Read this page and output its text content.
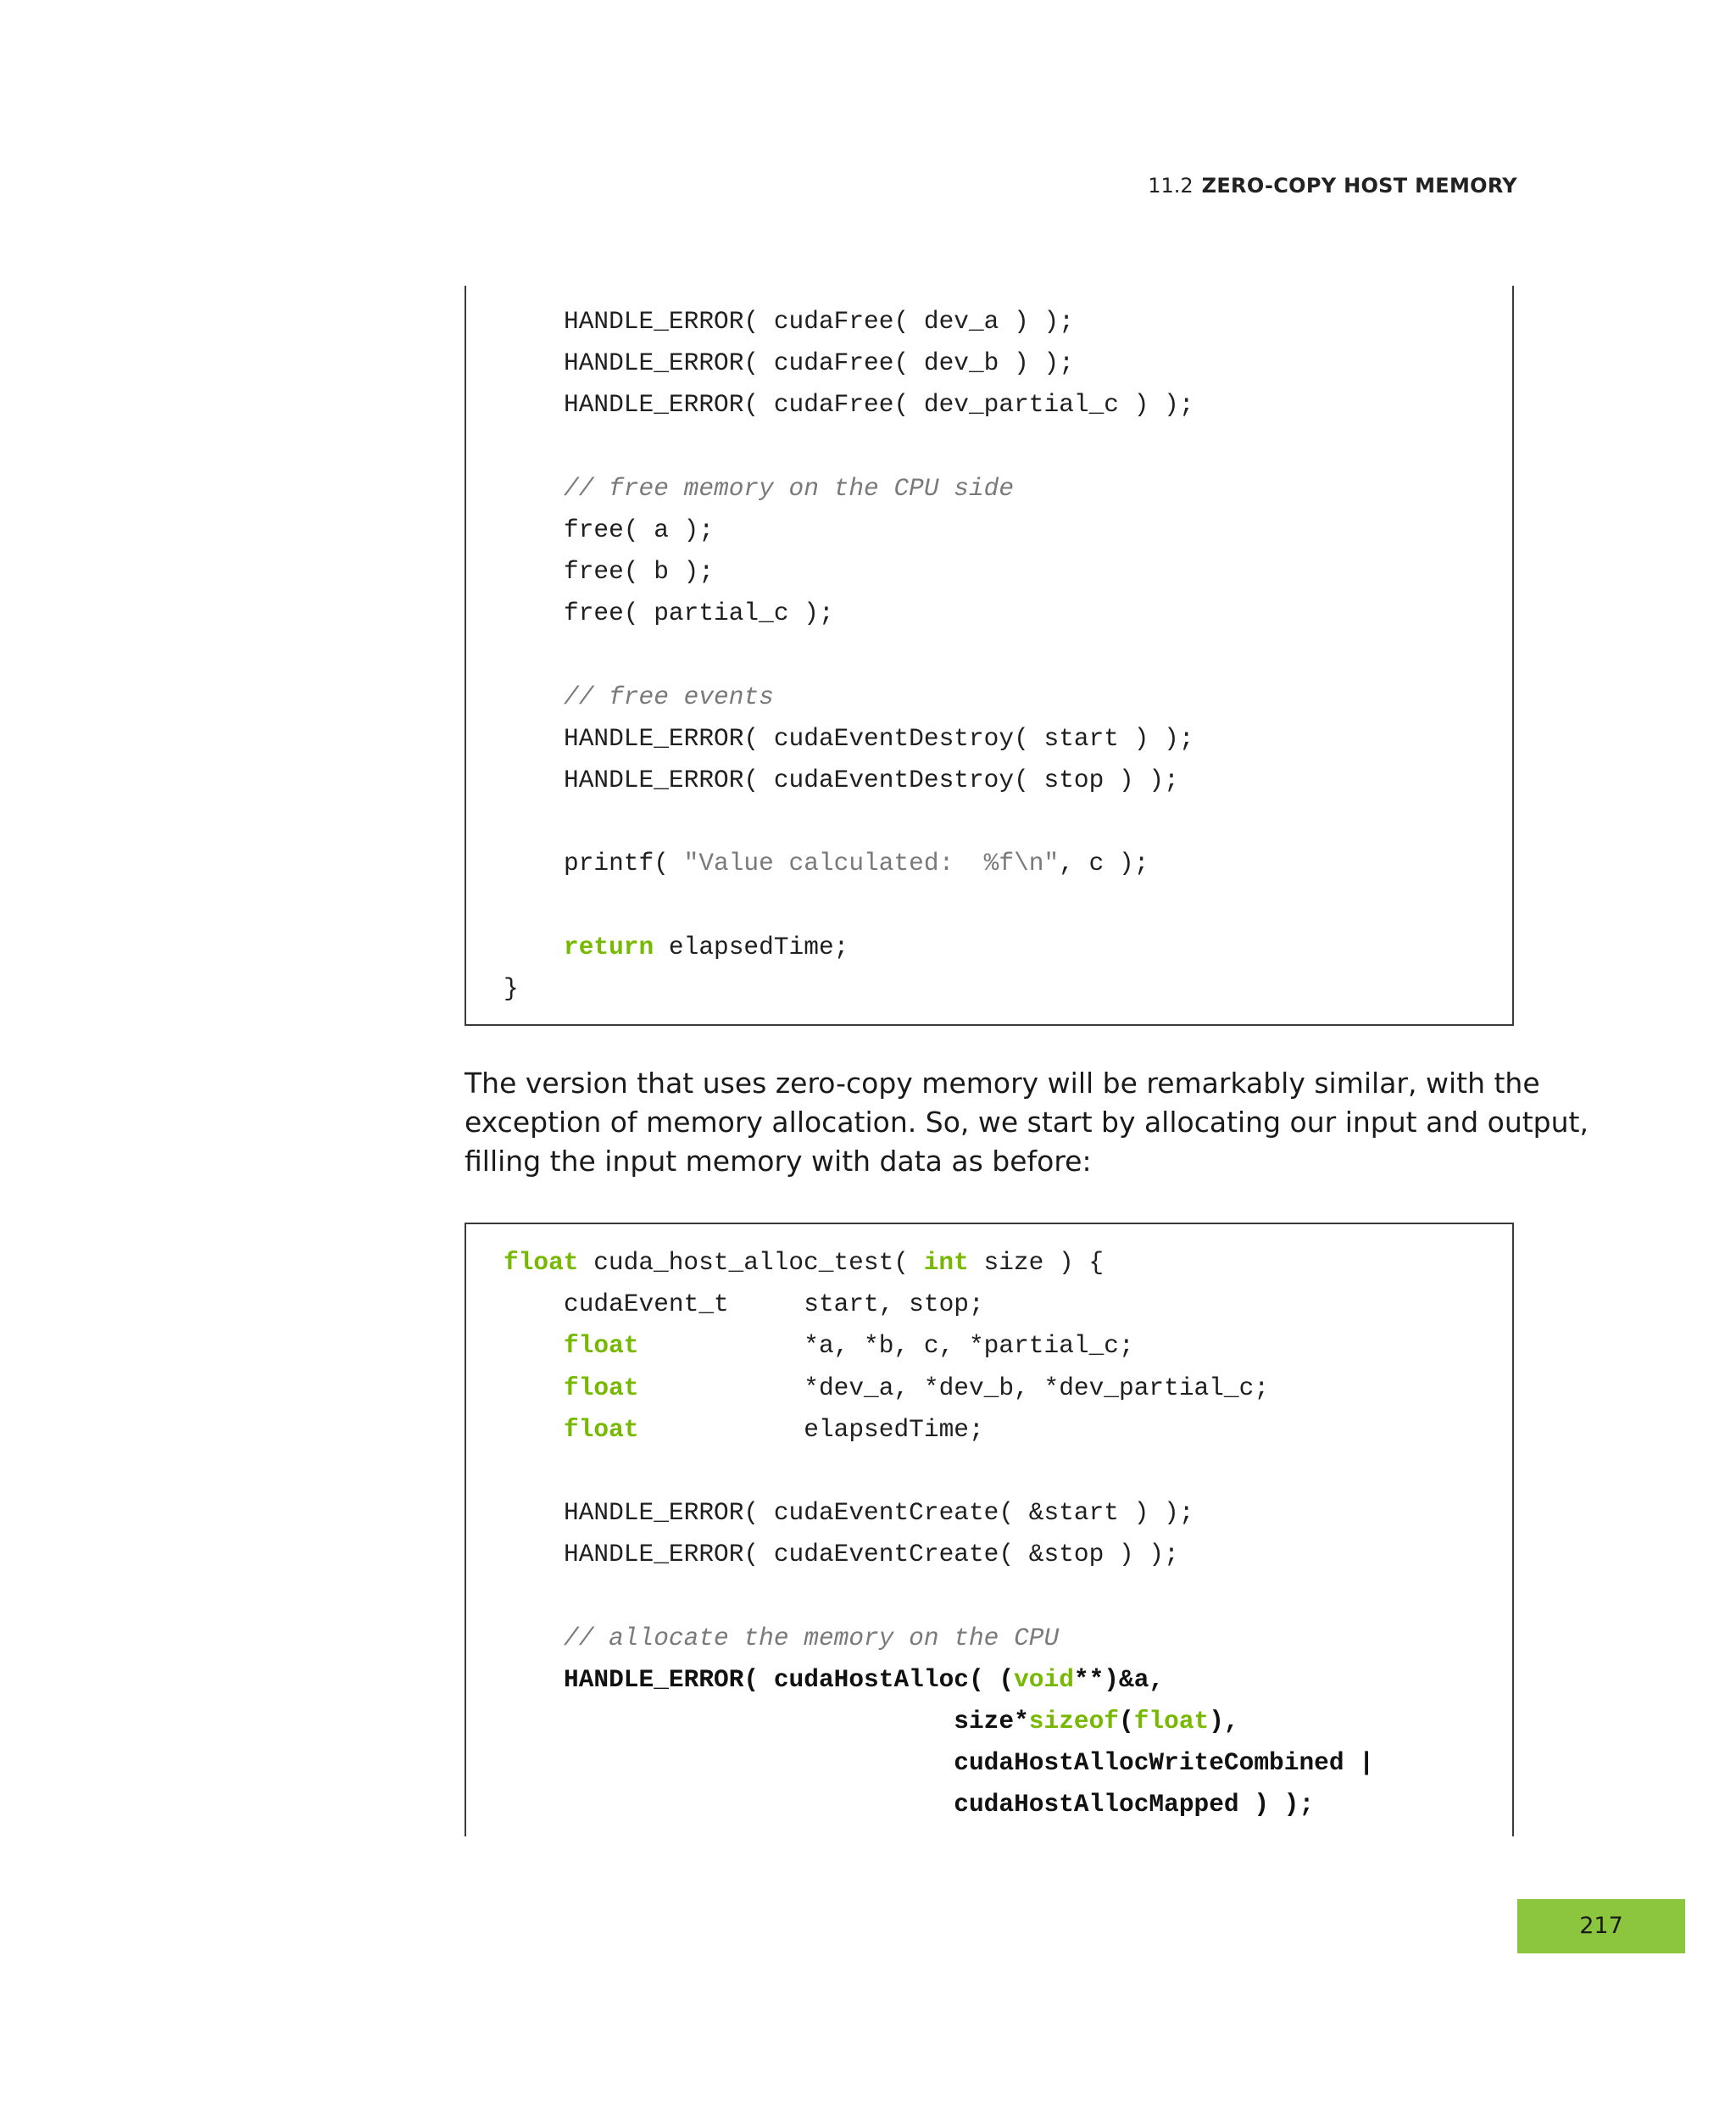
11.2 ZERO-COPY HOST MEMORY
HANDLE_ERROR( cudaFree( dev_a ) );
HANDLE_ERROR( cudaFree( dev_b ) );
HANDLE_ERROR( cudaFree( dev_partial_c ) );
// free memory on the CPU side
free( a );
free( b );
free( partial_c );
// free events
HANDLE_ERROR( cudaEventDestroy( start ) );
HANDLE_ERROR( cudaEventDestroy( stop ) );
printf( "Value calculated:  %f\n", c );
return elapsedTime;
}
The version that uses zero-copy memory will be remarkably similar, with the
exception of memory allocation. So, we start by allocating our input and output,
filling the input memory with data as before:
float cuda_host_alloc_test( int size ) {
cudaEvent_t     start, stop;
float           *a, *b, c, *partial_c;
float           *dev_a, *dev_b, *dev_partial_c;
float           elapsedTime;
HANDLE_ERROR( cudaEventCreate( &start ) );
HANDLE_ERROR( cudaEventCreate( &stop ) );
// allocate the memory on the CPU
HANDLE_ERROR( cudaHostAlloc( (void**)&a,
size*sizeof(float),
cudaHostAllocWriteCombined |
cudaHostAllocMapped ) );
217
